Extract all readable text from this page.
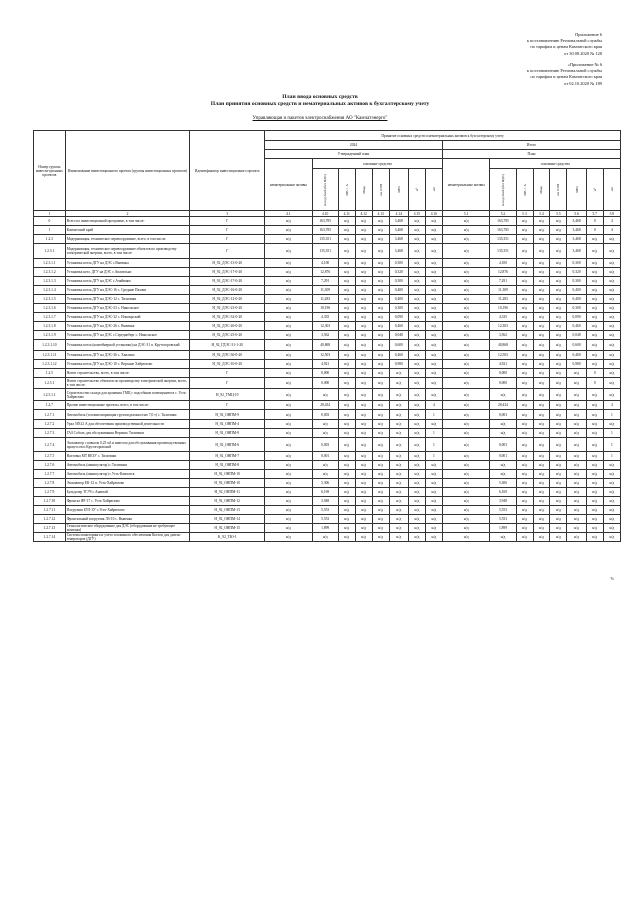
Приложение 6
к постановлению Региональной службы
по тарифам и ценам Камчатского края
от 30.08.2020 № 128
«Приложение № 6
к постановлению Региональной службы
по тарифам и ценам Камчатского края
от 02.10.2020 № 189
План ввода основных средств
План принятия основных средств и нематериальных активов к бухгалтерскому учету
Управляющая и пакетов электроснабжения АО "Камчатэнерго"
Номер группы инвести-ционных проектов	Наименование инвестиционного проекта (группы инвестиционных проектов)	Идентификатор инвестиционного проекта	Принятие основных средств и нематериальных активов к бухгалтерскому учету															
			2024								Итого							
			Утвержденный план								План							
			нематериальные активы	основные средства							нематериальные активы	основные средства						

				млн рублей (без НДС)	МВ×А	Мвар	км ЛЭП	МВт	м²	шт		млн рублей (без НДС)	МВ×А	Мвар	км ЛЭП	МВт	м²	шт

1	2	3	4.1	4.10	4.11	4.12	4.13	4.14	4.15	4.16	5.1	5.2	5.3	5.4	5.5	5.6	5.7	5.8
0	Всего по инвестиционной программе, в том числе:	Г	н/д	163,785	н/д	н/д	н/д	3,468	н/д	н/д	н/д	163,785	н/д	н/д	н/д	3,468	0	4
1	Камчатский край	Г	н/д	163,785	н/д	н/д	н/д	3,468	н/д	н/д	н/д	163,785	н/д	н/д	н/д	3,468	0	4
1.2.3	Модернизация, техническое перевооружение, всего, в том числе:	Г	н/д	135,351	н/д	н/д	н/д	3,468	н/д	н/д	н/д	135,351	н/д	н/д	н/д	3,468	н/д	н/д
1.2.3.1	Модернизация, техническое перевооружение объектов по производству электрической энергии, всего, в том числе:	Г	н/д	135,351	н/д	н/д	н/д	3,468	н/д	н/д	н/д	135,351	н/д	н/д	н/д	3,468	н/д	н/д
1.2.3.1.1	Установка котла ДГУ на ДЭС с.Вывенка	H_92_ДЭС-13-0-20	н/д	4,100	н/д	н/д	н/д	0,300	н/д	н/д	н/д	4,100	н/д	н/д	н/д	0,300	н/д	н/д
1.2.3.1.2	Установка котл. ДГУ на ДЭС с.Апапельно	H_92_ДЭС-17-0-20	н/д	12,876	н/д	н/д	н/д	0,320	н/д	н/д	н/д	12,876	н/д	н/д	н/д	0,320	н/д	н/д
1.2.3.1.3	Установка котла ДГУ на ДЭС с.Ачайваям	H_92_ДЭС-17-0-20	н/д	7,291	н/д	н/д	н/д	0,300	н/д	н/д	н/д	7,291	н/д	н/д	н/д	0,300	н/д	н/д
1.2.3.1.4	Установка котла ДГУ на ДЭС-16 с. Средние Пахачи	H_92_ДЭС-16-0-20	н/д	11,309	н/д	н/д	н/д	0,400	н/д	н/д	н/д	11,309	н/д	н/д	н/д	0,400	н/д	н/д
1.2.3.1.5	Установка котла ДГУ на ДЭС-12 с. Тиличики	H_92_ДЭС-12-0-20	н/д	11,283	н/д	н/д	н/д	0,400	н/д	н/д	н/д	11,283	н/д	н/д	н/д	0,400	н/д	н/д
1.2.3.1.6	Установка котла ДГУ на ДЭС-23 с. Никольское	H_92_ДЭС-23-0-20	н/д	10,196	н/д	н/д	н/д	0,300	н/д	н/д	н/д	10,196	н/д	н/д	н/д	0,300	н/д	н/д
1.2.3.1.7	Установка котла ДГУ на ДЭС-32 с. Ильпырский	H_92_ДЭС-32-0-20	н/д	4,335	н/д	н/д	н/д	0,090	н/д	н/д	н/д	4,335	н/д	н/д	н/д	0,090	н/д	н/д
1.2.3.1.8	Установка котла ДГУ на ДЭС-26 с. Вывенка	H_92_ДЭС-26-0-20	н/д	12,303	н/д	н/д	н/д	0,460	н/д	н/д	н/д	12,303	н/д	н/д	н/д	0,460	н/д	н/д
1.2.3.1.9	Установка котла ДГУ на ДЭС с.Середнеберг с. Никольское	H_92_ДЭС-25-0-20	н/д	3,562	н/д	н/д	н/д	0,048	н/д	н/д	н/д	3,562	н/д	н/д	н/д	0,048	н/д	н/д
1.2.3.1.10	Установка котла (контейнерной установки) на ДЭС-31 п. Крутогоровский	H_92_ГДЭС-31-1-20	н/д	40,868	н/д	н/д	н/д	0,600	н/д	н/д	н/д	40,868	н/д	н/д	н/д	0,600	н/д	н/д
1.2.3.1.11	Установка котла ДГУ на ДЭС-36 с. Хаилино	H_92_ДЭС-36-0-20	н/д	12,503	н/д	н/д	н/д	0,460	н/д	н/д	н/д	12,503	н/д	н/д	н/д	0,460	н/д	н/д
1.2.3.1.12	Установка котла ДГУ на ДЭС-10 с. Верхние Хайрюзово	H_92_ДЭС-10-0-20	н/д	4,921	н/д	н/д	н/д	0,980	н/д	н/д	н/д	4,921	н/д	н/д	н/д	0,980	н/д	н/д
1.2.5	Новое строительство, всего, в том числе:	Г	н/д	0,000	н/д	н/д	н/д	н/д	н/д	н/д	н/д	0,000	н/д	н/д	н/д	н/д	0	н/д
1.2.5.1	Новое строительство объектов по производству электрической энергии, всего, в том числе:	Г	н/д	0,000	н/д	н/д	н/д	н/д	н/д	н/д	н/д	0,000	н/д	н/д	н/д	н/д	0	н/д
1.2.5.1.1	Строительство склада для хранения ГМЦ с подсобным помещением в с. Усть-Хайрюзово	H_92_ТМЦ-19	н/д	н/д	н/д	н/д	н/д	н/д	н/д	н/д	н/д	н/д	н/д	н/д	н/д	н/д	н/д	н/д
1.2.7	Прочие инвестиционные проекты, всего, в том числе:	Г	н/д	28,434	н/д	н/д	н/д	н/д	н/д	4	н/д	28,434	н/д	н/д	н/д	н/д	н/д	4
1.2.7.1	Автомобиль (топливозаправщик грузоподъемностью 7,0 т) с. Тиличики	H_92_ОНПМ-9	н/д	0,003	н/д	н/д	н/д	н/д	н/д	1	н/д	0,003	н/д	н/д	н/д	н/д	н/д	1
1.2.7.2	Урал 58312 А для обеспечения производственной деятельности	H_92_ОНПМ-4	н/д	н/д	н/д	н/д	н/д	н/д	н/д	н/д	н/д	н/д	н/д	н/д	н/д	н/д	н/д	н/д
1.2.7.3	ГАЗ Соболь для обслуживания Верхних Тиличики	H_92_ОНПМ-9	н/д	н/д	н/д	н/д	н/д	н/д	н/д	1	н/д	н/д	н/д	н/д	н/д	н/д	н/д	1
1.2.7.4	Экскаватор с ковшом 0,25 м3 и навесом для обслуживания производственных процессов п.Крутогоровский	H_92_ОНПМ-6	н/д	0,003	н/д	н/д	н/д	н/д	н/д	1	н/д	0,003	н/д	н/д	н/д	н/д	н/д	1
1.2.7.5	Вахтовка МТ ВЕЗУ с. Тиличики	H_92_ОНПМ-7	н/д	0,001	н/д	н/д	н/д	н/д	н/д	1	н/д	0,001	н/д	н/д	н/д	н/д	н/д	1
1.2.7.6	Автомобиль (манипулятор) с.Тиличики	H_92_ОНПМ-8	н/д	н/д	н/д	н/д	н/д	н/д	н/д	н/д	н/д	н/д	н/д	н/д	н/д	н/д	н/д	н/д
1.2.7.7	Автомобиль (манипулятор) с.Усть-Камчатск	H_92_ОНПМ-10	н/д	н/д	н/д	н/д	н/д	н/д	н/д	н/д	н/д	н/д	н/д	н/д	н/д	н/д	н/д	н/д
1.2.7.8	Экскаватор ЕК-12 п. Усть-Хайрюзово	H_92_ОНПМ-10	н/д	5,306	н/д	н/д	н/д	н/д	н/д	н/д	н/д	5,306	н/д	н/д	н/д	н/д	н/д	н/д
1.2.7.9	Бульдозер ТС?Ч с.Анавгай	H_92_ОНПМ-11	н/д	6,169	н/д	н/д	н/д	н/д	н/д	н/д	н/д	6,169	н/д	н/д	н/д	н/д	н/д	н/д
1.2.7.10	Фронтал ЯР-17 с. Усть-Хайрюзово	H_92_ОНПМ-12	н/д	3,948	н/д	н/д	н/д	н/д	н/д	н/д	н/д	3,948	н/д	н/д	н/д	н/д	н/д	н/д
1.2.7.11	Погрузчик БУЛ-ЗУ с.Усть-Хайрюзово	H_92_ОНПМ-13	н/д	5,553	н/д	н/д	н/д	н/д	н/д	н/д	н/д	5,553	н/д	н/д	н/д	н/д	н/д	н/д
1.2.7.12	Фронтальный погрузчик ЛЗ-10 с. Вывенка	H_92_ОНПМ-14	н/д	5,553	н/д	н/д	н/д	н/д	н/д	н/д	н/д	5,553	н/д	н/д	н/д	н/д	н/д	н/д
1.2.7.13	Технологическое оборудование для ДЭС (оборудование не требующее монтажа)	H_92_ОНПМ-15	н/д	1,899	н/д	н/д	н/д	н/д	н/д	н/д	н/д	1,899	н/д	н/д	н/д	н/д	н/д	н/д
1.2.7.14	Система мониторинга и учета топливного обеспечения Котлов для дизель-генераторов (ДГУ)	K_92_ТЮ-1	н/д	н/д	н/д	н/д	н/д	н/д	н/д	н/д	н/д	н/д	н/д	н/д	н/д	н/д	н/д	н/д
%
